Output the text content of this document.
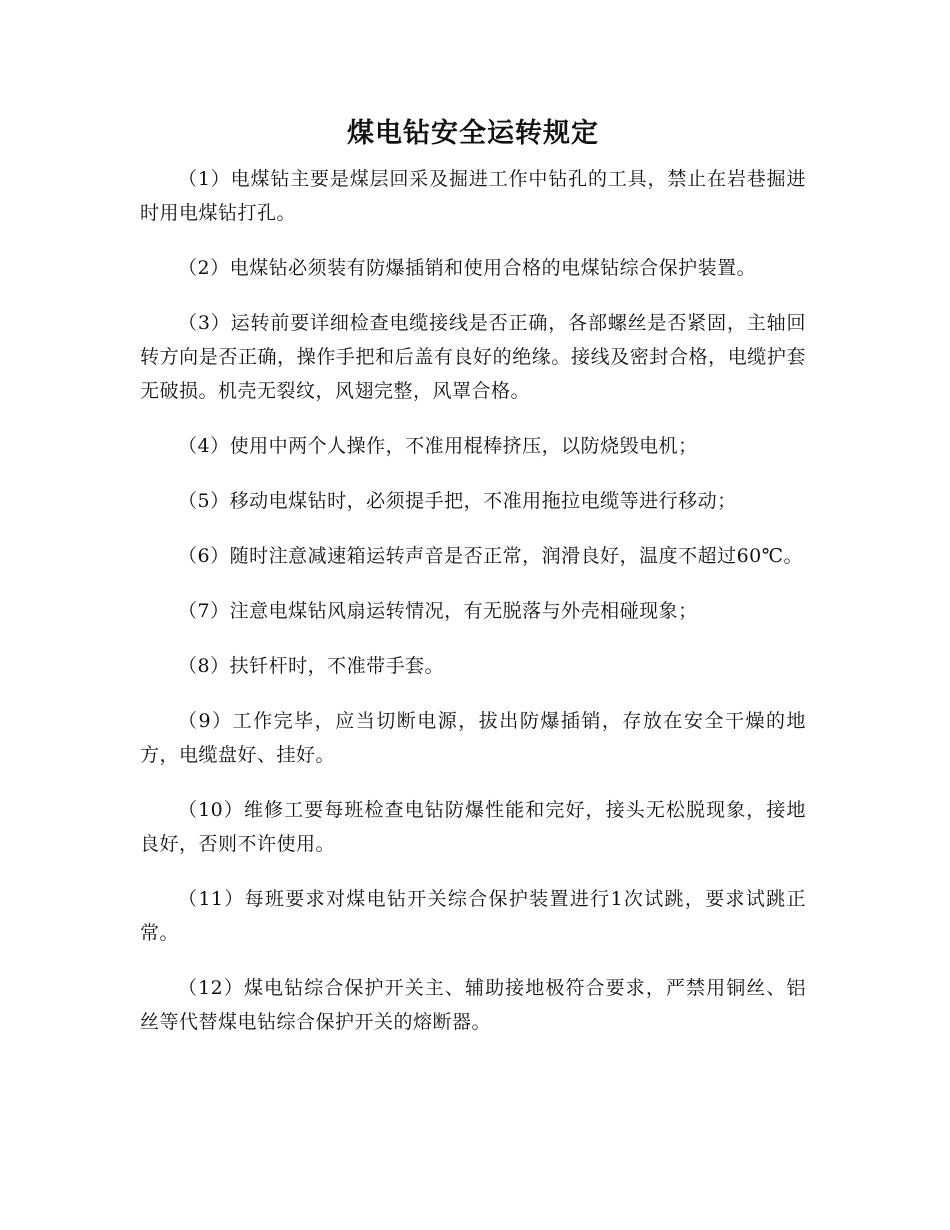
煤电钻安全运转规定

（1）电煤钻主要是煤层回采及掘进工作中钻孔的工具，禁止在岩巷掘进时用电煤钻打孔。

（2）电煤钻必须装有防爆插销和使用合格的电煤钻综合保护装置。

（3）运转前要详细检查电缆接线是否正确，各部螺丝是否紧固，主轴回转方向是否正确，操作手把和后盖有良好的绝缘。接线及密封合格，电缆护套无破损。机壳无裂纹，风翅完整，风罩合格。

（4）使用中两个人操作，不准用棍棒挤压，以防烧毁电机；

（5）移动电煤钻时，必须提手把，不准用拖拉电缆等进行移动；

（6）随时注意减速箱运转声音是否正常，润滑良好，温度不超过60℃。

（7）注意电煤钻风扇运转情况，有无脱落与外壳相碰现象；

（8）扶钎杆时，不准带手套。

（9）工作完毕，应当切断电源，拔出防爆插销，存放在安全干燥的地方，电缆盘好、挂好。

（10）维修工要每班检查电钻防爆性能和完好，接头无松脱现象，接地良好，否则不许使用。

（11）每班要求对煤电钻开关综合保护装置进行1次试跳，要求试跳正常。

（12）煤电钻综合保护开关主、辅助接地极符合要求，严禁用铜丝、铝丝等代替煤电钻综合保护开关的熔断器。
